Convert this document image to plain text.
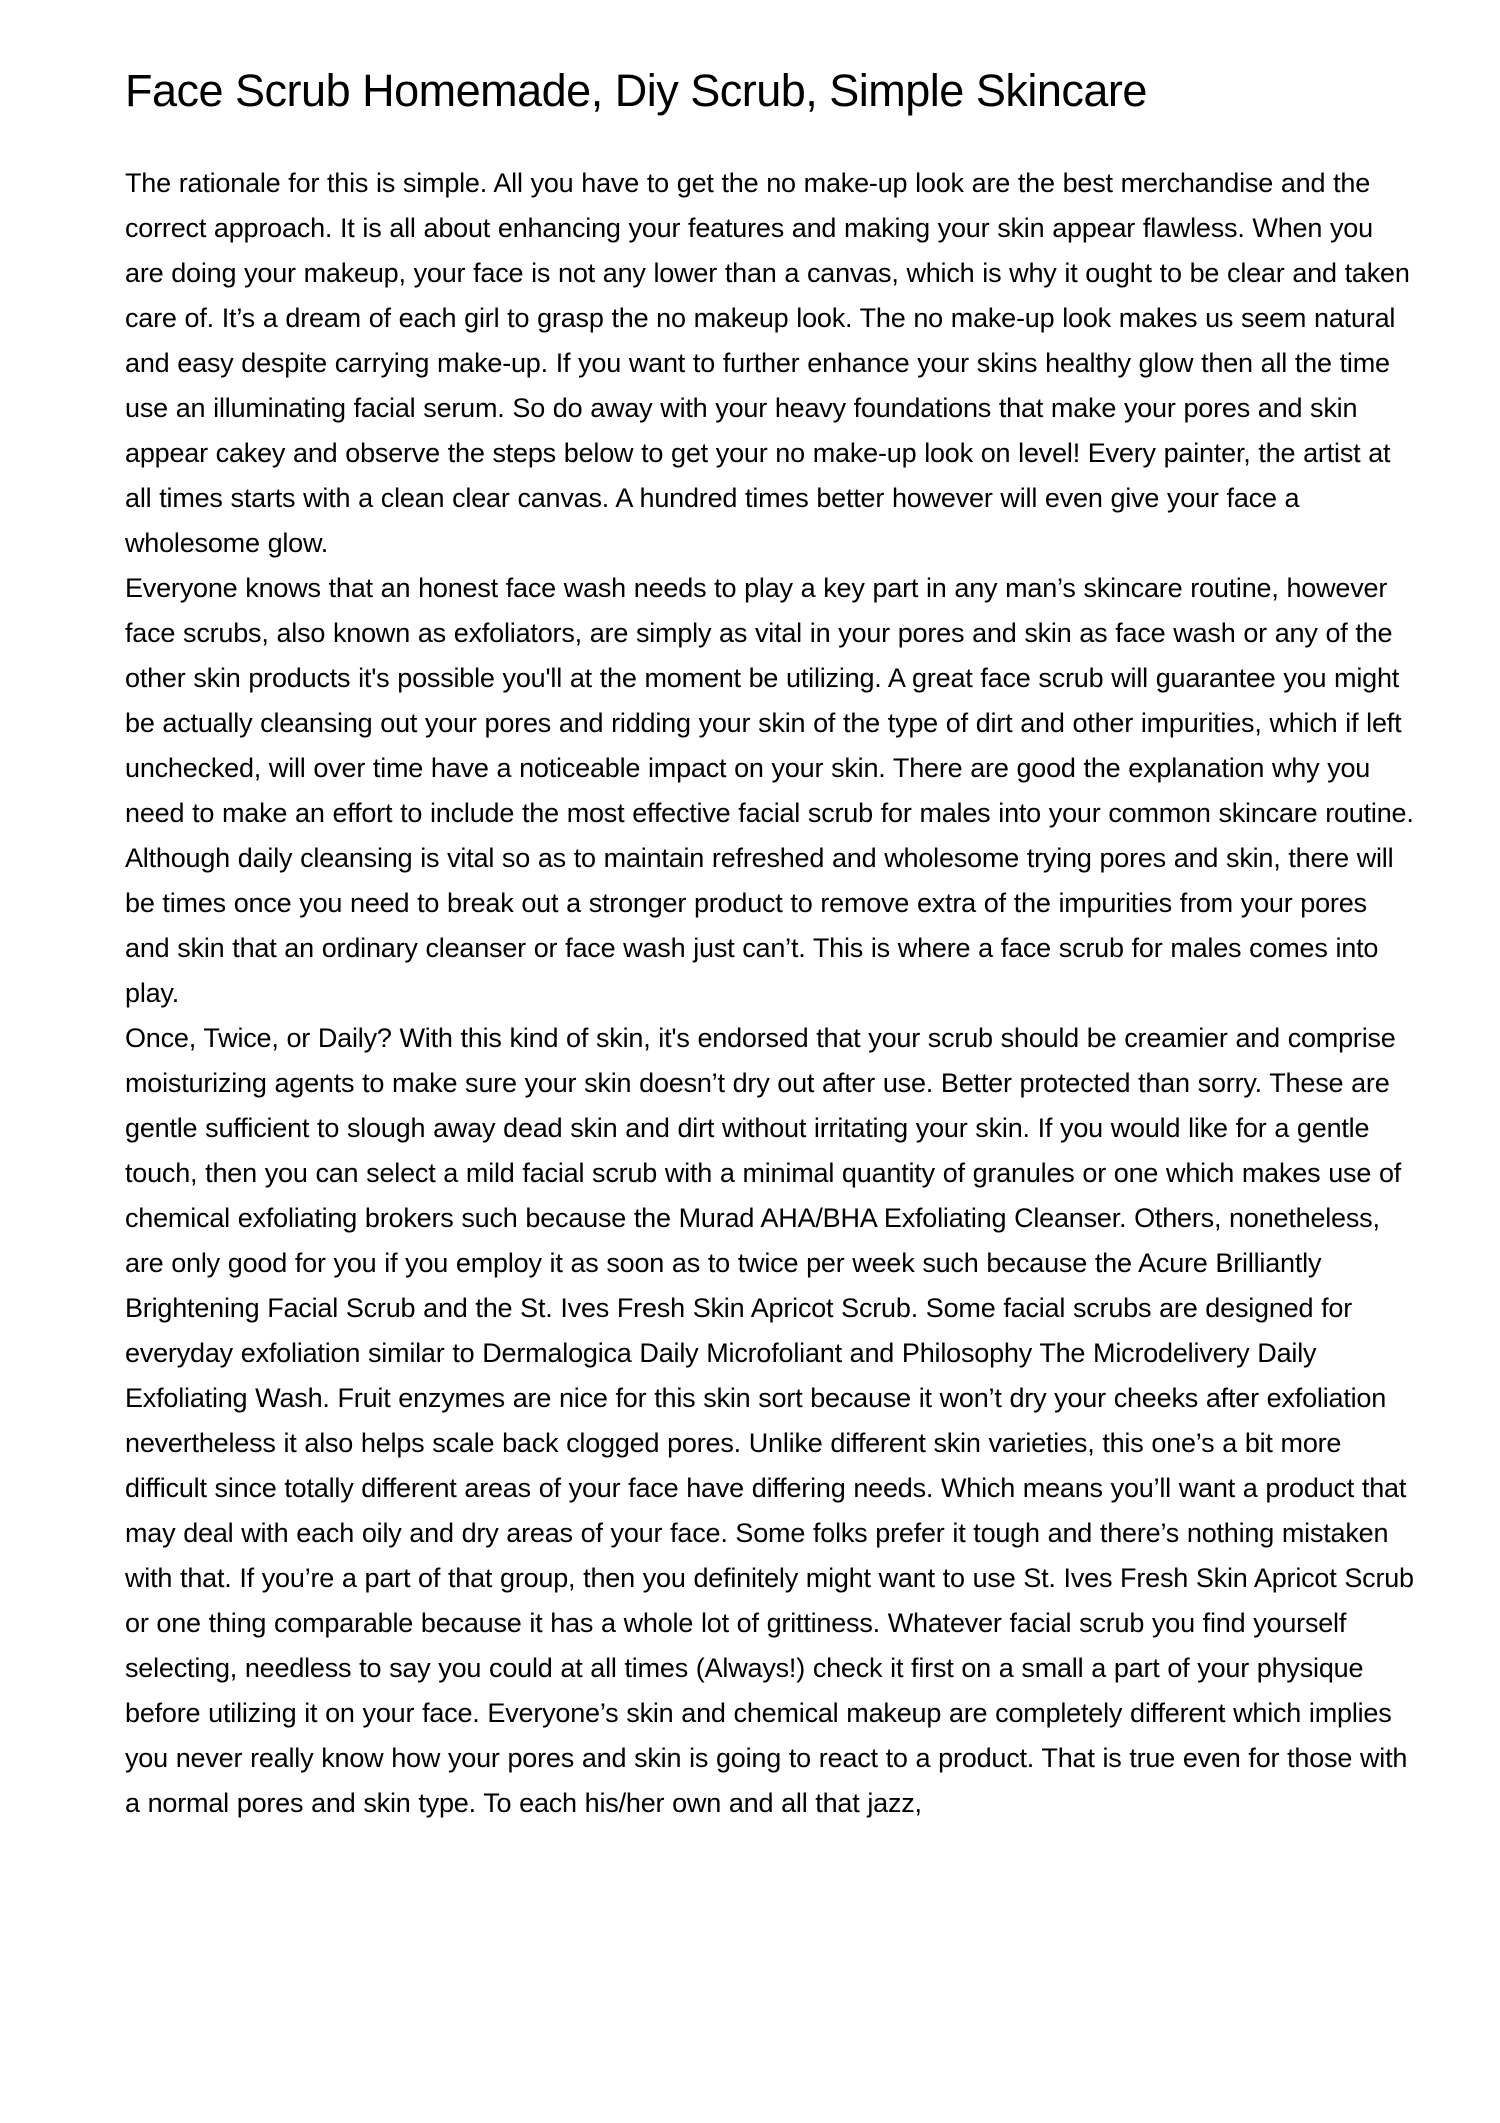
Face Scrub Homemade, Diy Scrub, Simple Skincare

The rationale for this is simple. All you have to get the no make-up look are the best merchandise and the correct approach. It is all about enhancing your features and making your skin appear flawless. When you are doing your makeup, your face is not any lower than a canvas, which is why it ought to be clear and taken care of. It’s a dream of each girl to grasp the no makeup look. The no make-up look makes us seem natural and easy despite carrying make-up. If you want to further enhance your skins healthy glow then all the time use an illuminating facial serum. So do away with your heavy foundations that make your pores and skin appear cakey and observe the steps below to get your no make-up look on level! Every painter, the artist at all times starts with a clean clear canvas. A hundred times better however will even give your face a wholesome glow.

Everyone knows that an honest face wash needs to play a key part in any man’s skincare routine, however face scrubs, also known as exfoliators, are simply as vital in your pores and skin as face wash or any of the other skin products it's possible you'll at the moment be utilizing. A great face scrub will guarantee you might be actually cleansing out your pores and ridding your skin of the type of dirt and other impurities, which if left unchecked, will over time have a noticeable impact on your skin. There are good the explanation why you need to make an effort to include the most effective facial scrub for males into your common skincare routine. Although daily cleansing is vital so as to maintain refreshed and wholesome trying pores and skin, there will be times once you need to break out a stronger product to remove extra of the impurities from your pores and skin that an ordinary cleanser or face wash just can’t. This is where a face scrub for males comes into play.

Once, Twice, or Daily? With this kind of skin, it's endorsed that your scrub should be creamier and comprise moisturizing agents to make sure your skin doesn’t dry out after use. Better protected than sorry. These are gentle sufficient to slough away dead skin and dirt without irritating your skin. If you would like for a gentle touch, then you can select a mild facial scrub with a minimal quantity of granules or one which makes use of chemical exfoliating brokers such because the Murad AHA/BHA Exfoliating Cleanser. Others, nonetheless, are only good for you if you employ it as soon as to twice per week such because the Acure Brilliantly Brightening Facial Scrub and the St. Ives Fresh Skin Apricot Scrub. Some facial scrubs are designed for everyday exfoliation similar to Dermalogica Daily Microfoliant and Philosophy The Microdelivery Daily Exfoliating Wash. Fruit enzymes are nice for this skin sort because it won’t dry your cheeks after exfoliation nevertheless it also helps scale back clogged pores. Unlike different skin varieties, this one’s a bit more difficult since totally different areas of your face have differing needs. Which means you’ll want a product that may deal with each oily and dry areas of your face. Some folks prefer it tough and there’s nothing mistaken with that. If you’re a part of that group, then you definitely might want to use St. Ives Fresh Skin Apricot Scrub or one thing comparable because it has a whole lot of grittiness. Whatever facial scrub you find yourself selecting, needless to say you could at all times (Always!) check it first on a small a part of your physique before utilizing it on your face. Everyone’s skin and chemical makeup are completely different which implies you never really know how your pores and skin is going to react to a product. That is true even for those with a normal pores and skin type. To each his/her own and all that jazz,
